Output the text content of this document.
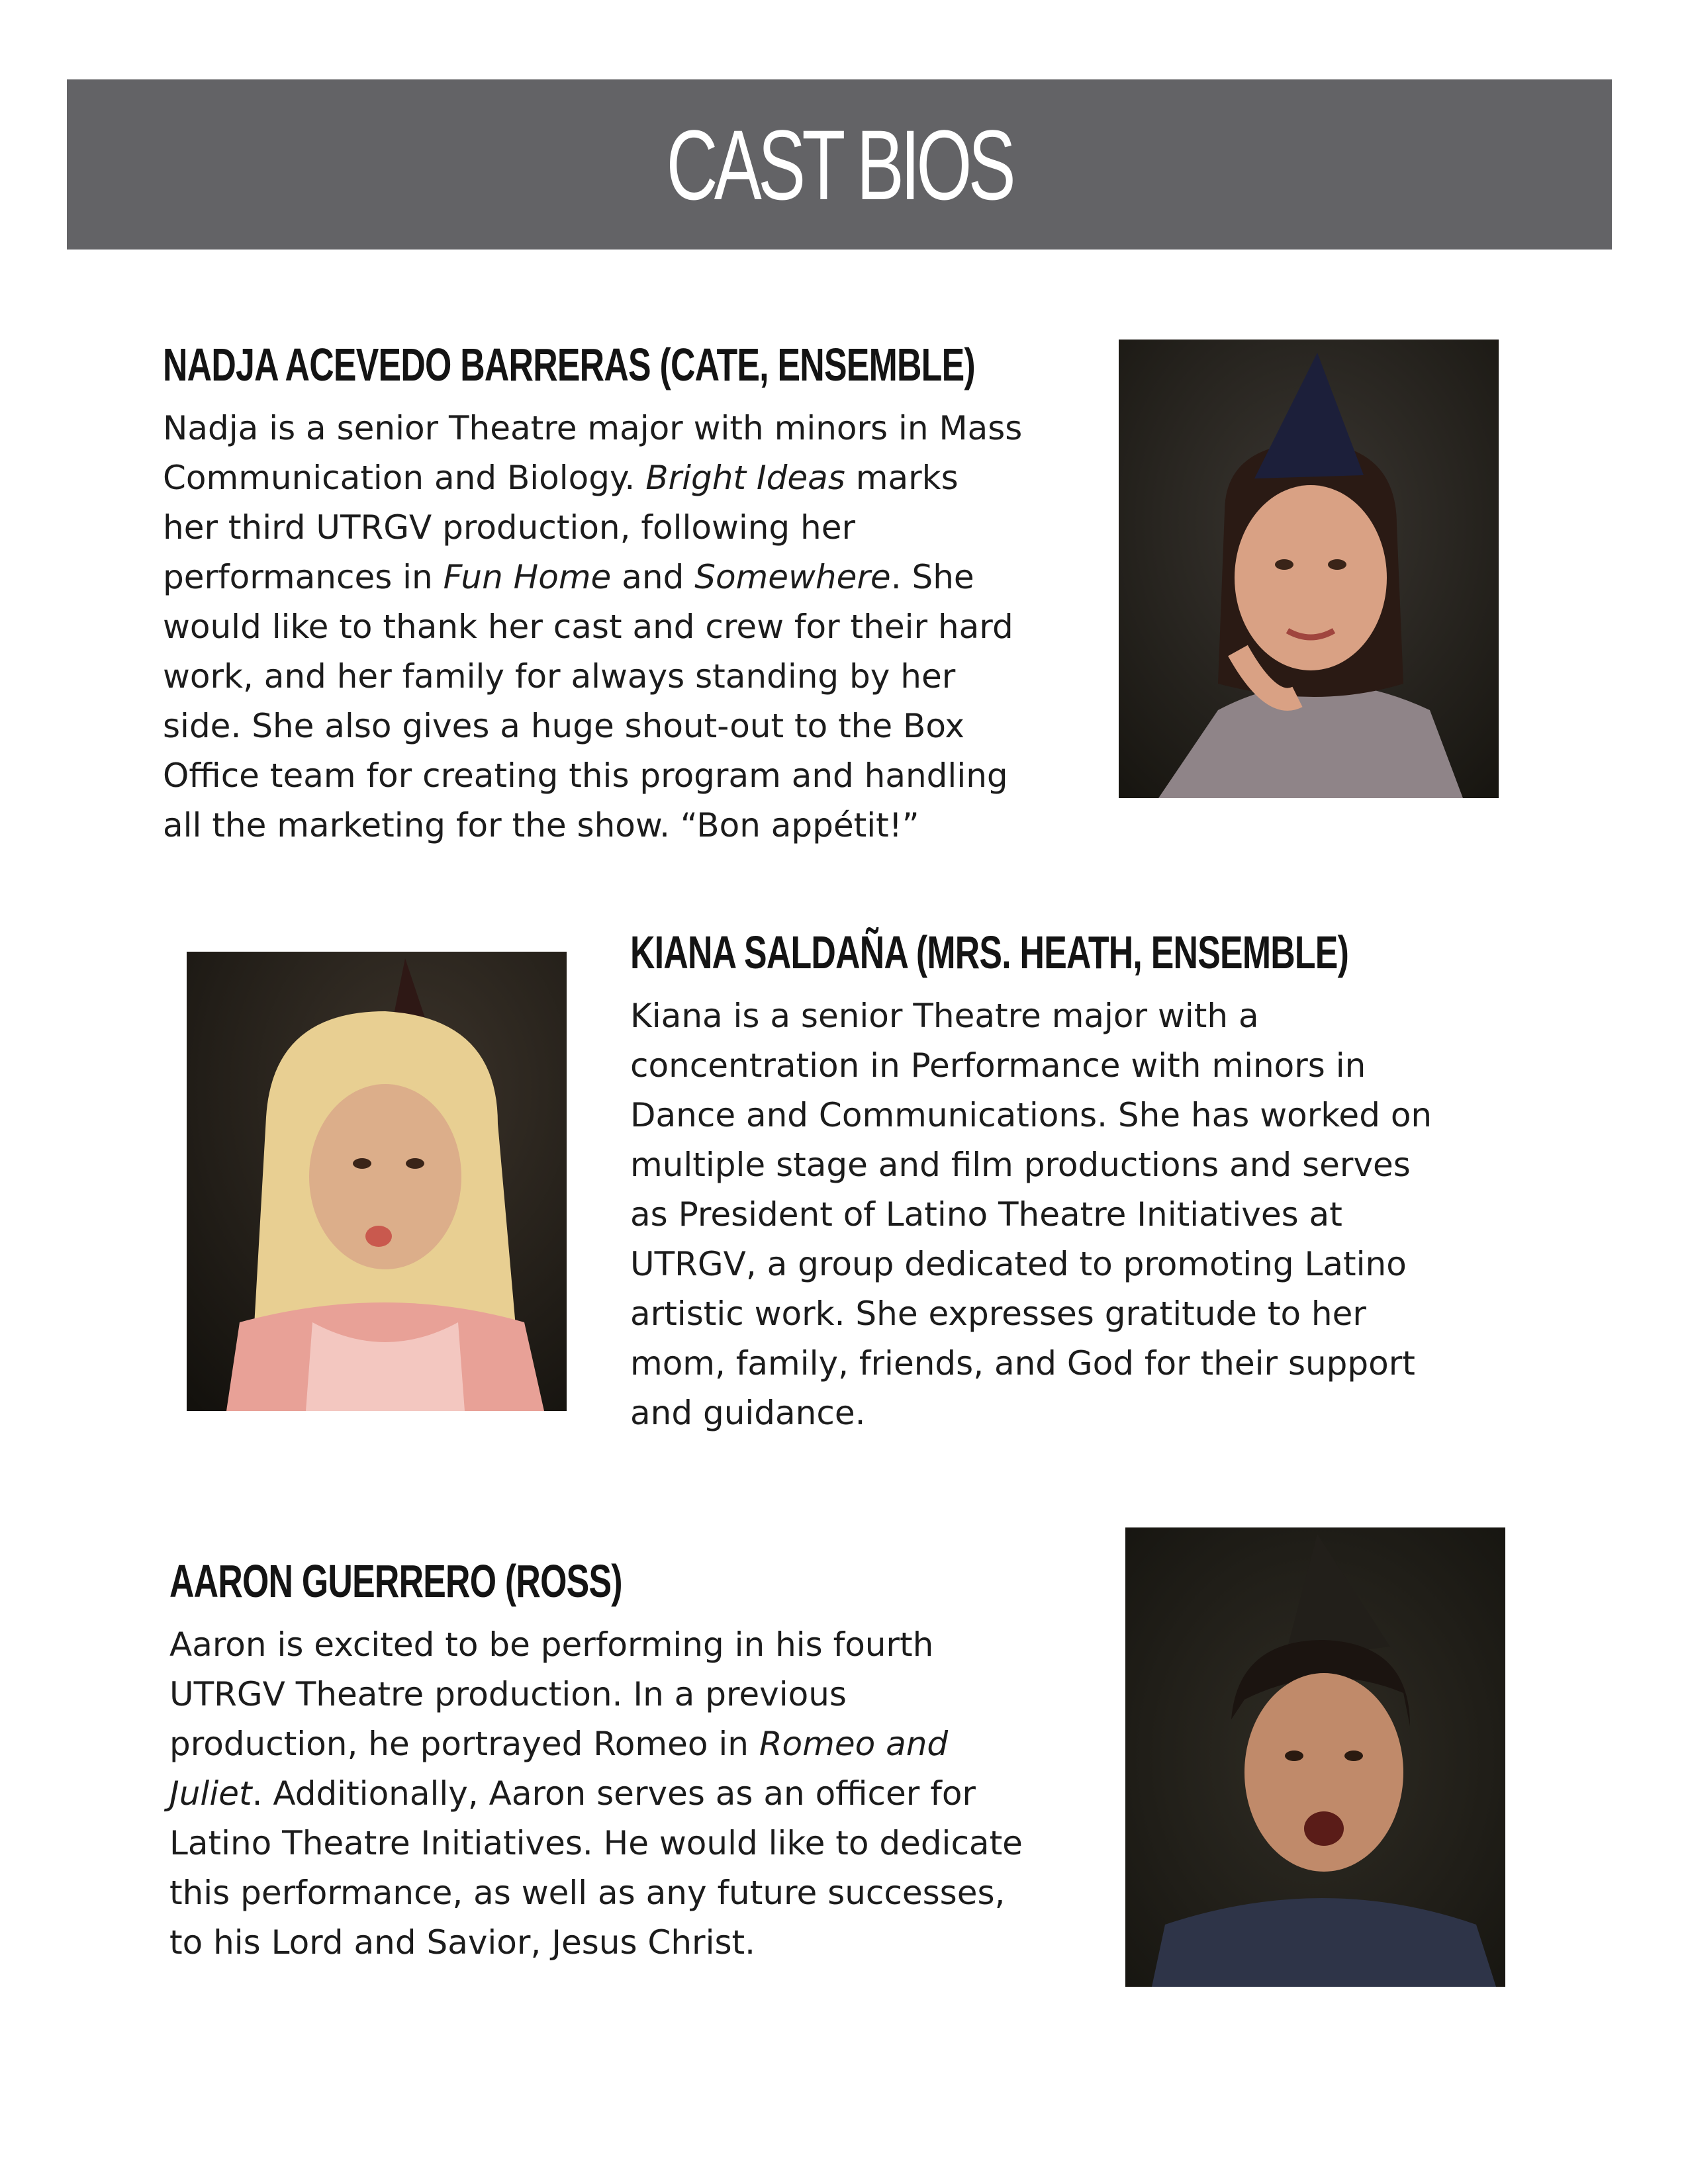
CAST BIOS
NADJA ACEVEDO BARRERAS (CATE, ENSEMBLE)
Nadja is a senior Theatre major with minors in Mass
Communication and Biology. Bright Ideas marks
her third UTRGV production, following her
performances in Fun Home and Somewhere. She
would like to thank her cast and crew for their hard
work, and her family for always standing by her
side. She also gives a huge shout-out to the Box
Office team for creating this program and handling
all the marketing for the show. “Bon appétit!”
KIANA SALDAÑA (MRS. HEATH, ENSEMBLE)
Kiana is a senior Theatre major with a
concentration in Performance with minors in
Dance and Communications. She has worked on
multiple stage and film productions and serves
as President of Latino Theatre Initiatives at
UTRGV, a group dedicated to promoting Latino
artistic work. She expresses gratitude to her
mom, family, friends, and God for their support
and guidance.
AARON GUERRERO (ROSS)
Aaron is excited to be performing in his fourth
UTRGV Theatre production. In a previous
production, he portrayed Romeo in Romeo and
Juliet. Additionally, Aaron serves as an officer for
Latino Theatre Initiatives. He would like to dedicate
this performance, as well as any future successes,
to his Lord and Savior, Jesus Christ.
